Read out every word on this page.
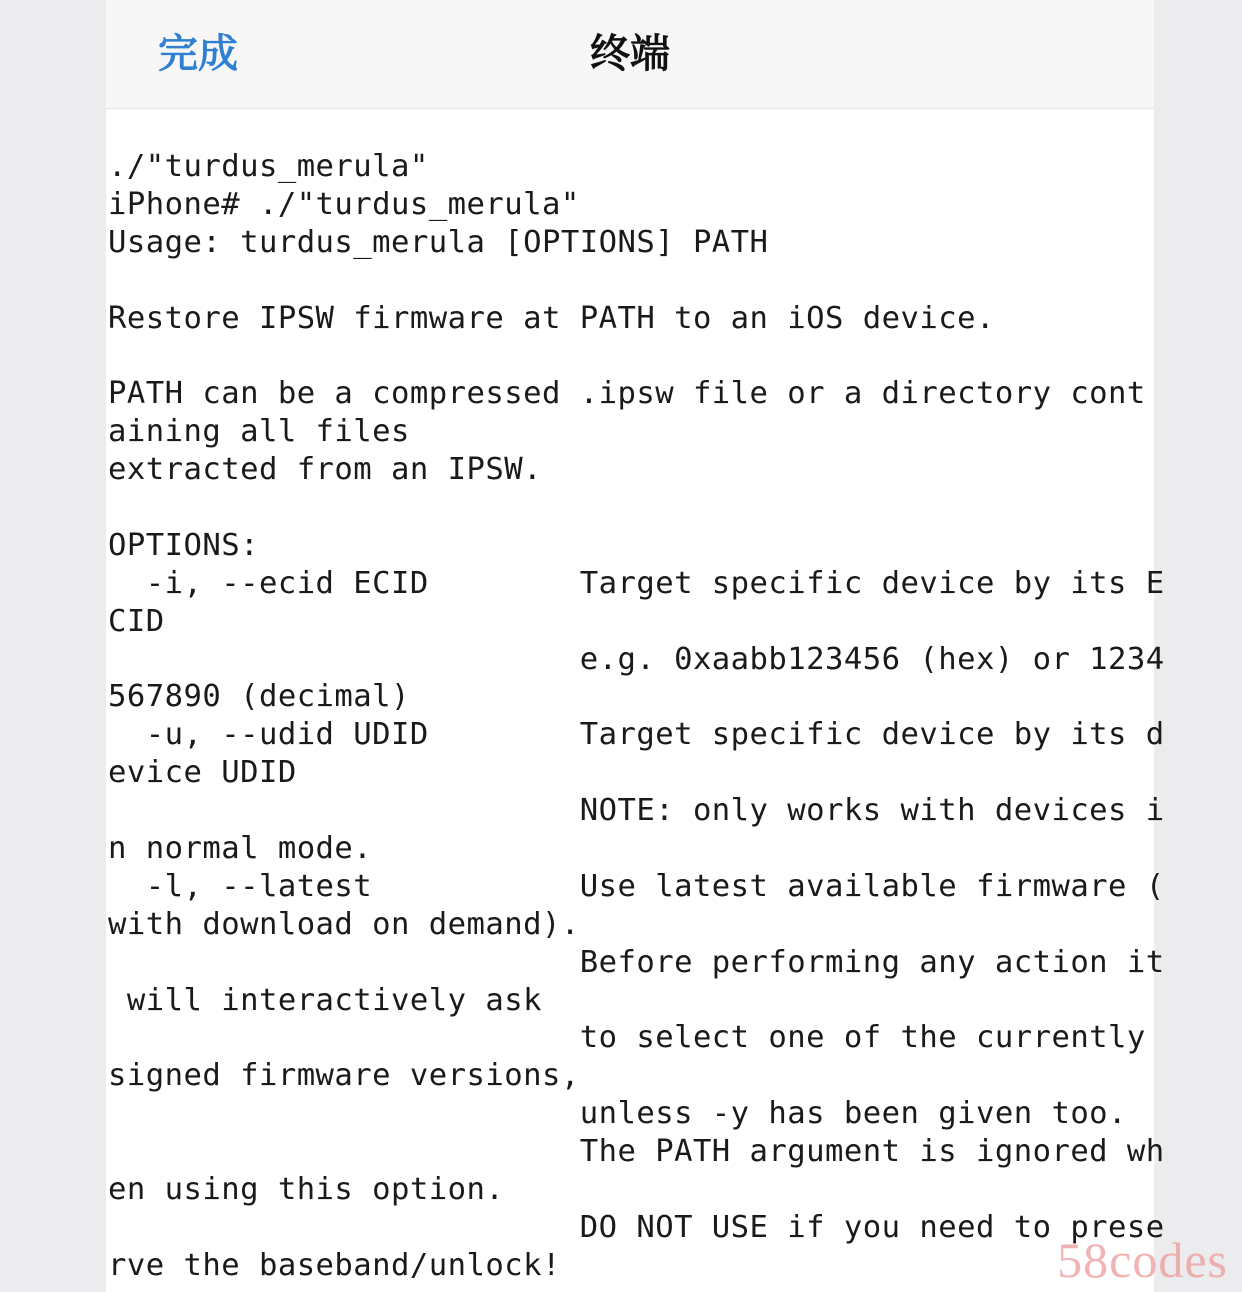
完成	终端
./"turdus_merula"
iPhone# ./"turdus_merula"
Usage: turdus_merula [OPTIONS] PATH
Restore IPSW firmware at PATH to an iOS device.
PATH can be a compressed .ipsw file or a directory cont
aining all files
extracted from an IPSW.
OPTIONS:
-i, --ecid ECID        Target specific device by its E
CID
e.g. 0xaabb123456 (hex) or 1234
567890 (decimal)
-u, --udid UDID        Target specific device by its d
evice UDID
NOTE: only works with devices i
n normal mode.
-l, --latest           Use latest available firmware (
with download on demand).
Before performing any action it
will interactively ask
to select one of the currently
signed firmware versions,
unless -y has been given too.
The PATH argument is ignored wh
en using this option.
DO NOT USE if you need to prese
rve the baseband/unlock!	58codes
